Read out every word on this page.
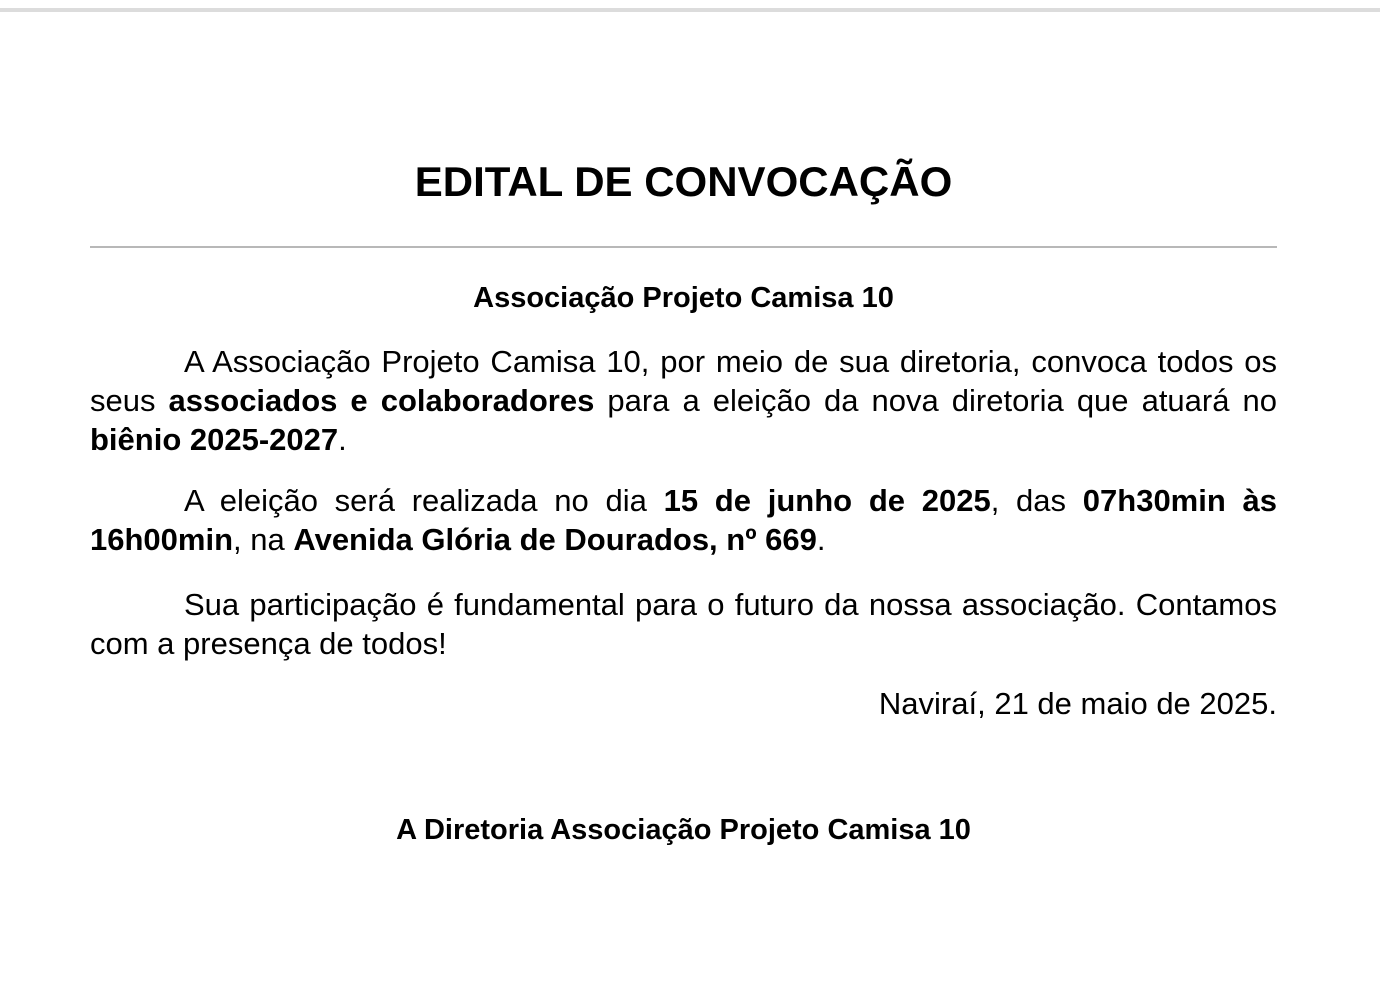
EDITAL DE CONVOCAÇÃO
Associação Projeto Camisa 10

A Associação Projeto Camisa 10, por meio de sua diretoria, convoca todos os seus associados e colaboradores para a eleição da nova diretoria que atuará no biênio 2025-2027.

A eleição será realizada no dia 15 de junho de 2025, das 07h30min às 16h00min, na Avenida Glória de Dourados, nº 669.

Sua participação é fundamental para o futuro da nossa associação. Contamos com a presença de todos!

Naviraí, 21 de maio de 2025.

A Diretoria Associação Projeto Camisa 10
